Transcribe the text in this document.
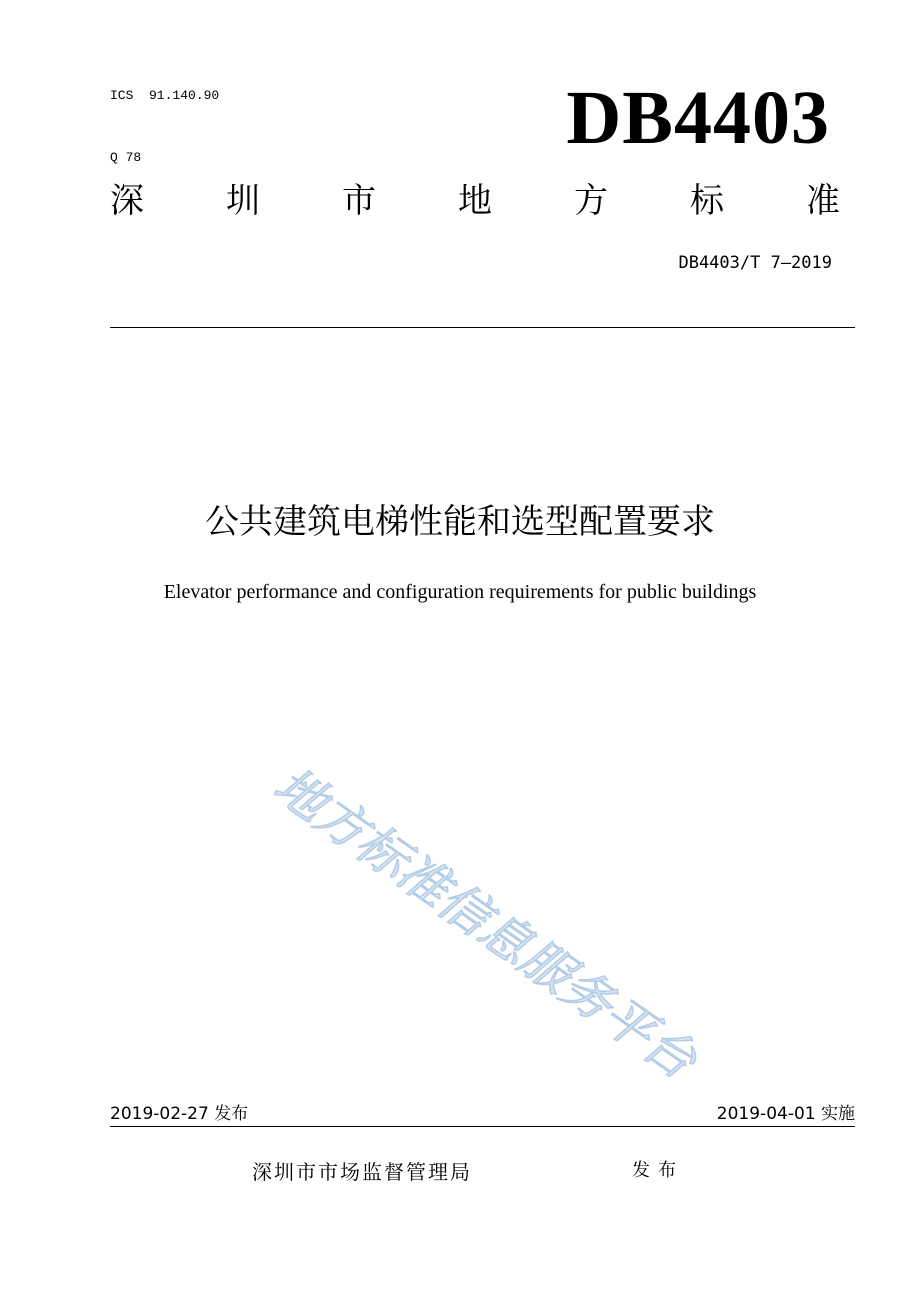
ICS  91.140.90

Q 78	DB4403
深 圳 市 地 方 标 准
DB4403/T 7—2019
公共建筑电梯性能和选型配置要求
Elevator performance and configuration requirements for public buildings
地方标准信息服务平台
2019-02-27 发布	2019-04-01 实施
深圳市市场监督管理局	发布
